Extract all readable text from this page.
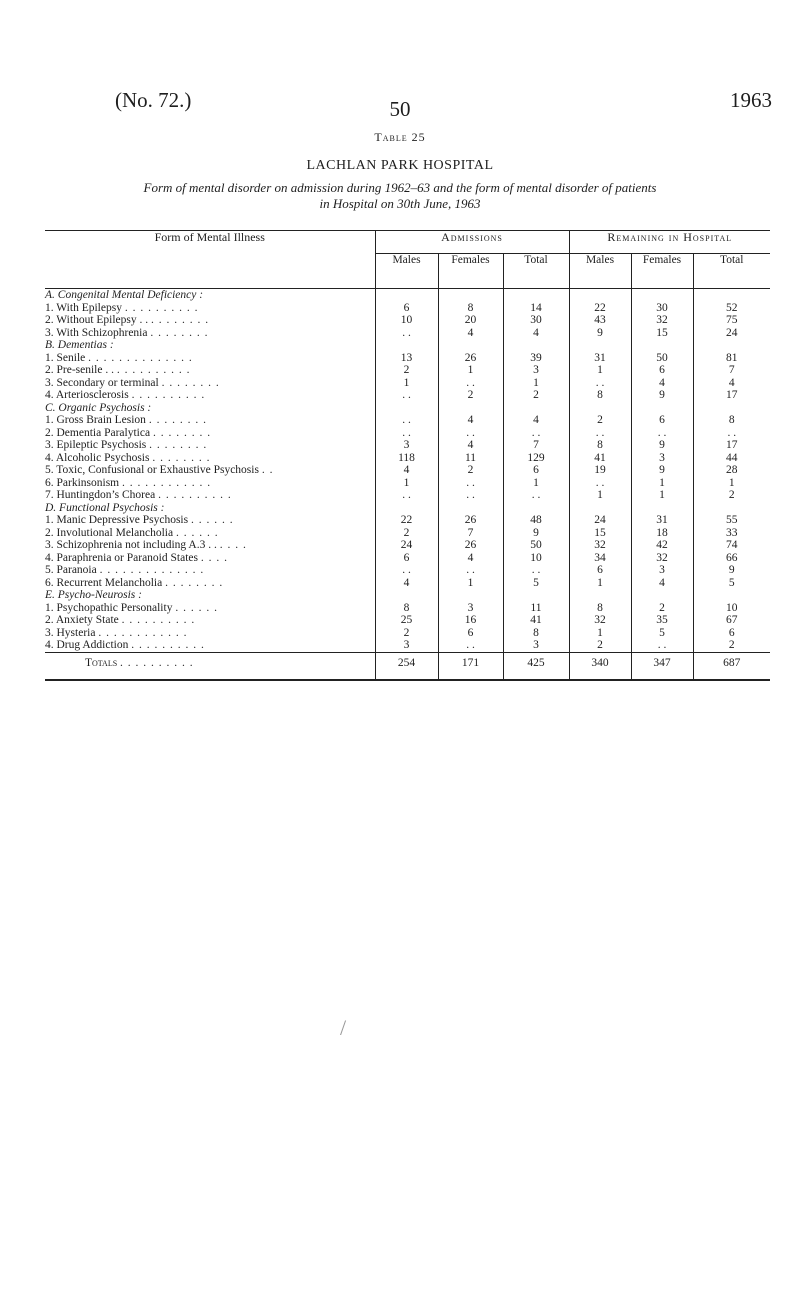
(No. 72.)	1963
50
Table 25
LACHLAN PARK HOSPITAL
Form of mental disorder on admission during 1962–63 and the form of mental disorder of patients
in Hospital on 30th June, 1963
Form of Mental Illness	Admissions			Remaining in Hospital		
	Males	Females	Total	Males	Females	Total
A. Congenital Mental Deficiency :						
1. With Epilepsy . . . . . . . . . .	6	8	14	22	30	52
2. Without Epilepsy . . . . . . . . . .	10	20	30	43	32	75
3. With Schizophrenia . . . . . . . .	. .	4	4	9	15	24
B. Dementias :						
1. Senile . . . . . . . . . . . . . .	13	26	39	31	50	81
2. Pre-senile . . . . . . . . . . . .	2	1	3	1	6	7
3. Secondary or terminal . . . . . . . .	1	. .	1	. .	4	4
4. Arteriosclerosis . . . . . . . . . .	. .	2	2	8	9	17
C. Organic Psychosis :						
1. Gross Brain Lesion . . . . . . . .	. .	4	4	2	6	8
2. Dementia Paralytica . . . . . . . .	. .	. .	. .	. .	. .	. .
3. Epileptic Psychosis . . . . . . . .	3	4	7	8	9	17
4. Alcoholic Psychosis . . . . . . . .	118	11	129	41	3	44
5. Toxic, Confusional or Exhaustive Psychosis . .	4	2	6	19	9	28
6. Parkinsonism . . . . . . . . . . . .	1	. .	1	. .	1	1
7. Huntingdon’s Chorea . . . . . . . . . .	. .	. .	. .	1	1	2
D. Functional Psychosis :						
1. Manic Depressive Psychosis . . . . . .	22	26	48	24	31	55
2. Involutional Melancholia . . . . . .	2	7	9	15	18	33
3. Schizophrenia not including A.3 . . . . . .	24	26	50	32	42	74
4. Paraphrenia or Paranoid States . . . .	6	4	10	34	32	66
5. Paranoia . . . . . . . . . . . . . .	. .	. .	. .	6	3	9
6. Recurrent Melancholia . . . . . . . .	4	1	5	1	4	5
E. Psycho-Neurosis :						
1. Psychopathic Personality . . . . . .	8	3	11	8	2	10
2. Anxiety State . . . . . . . . . .	25	16	41	32	35	67
3. Hysteria . . . . . . . . . . . .	2	6	8	1	5	6
4. Drug Addiction . . . . . . . . . .	3	. .	3	2	. .	2
Totals . . . . . . . . . .	254	171	425	340	347	687
/
